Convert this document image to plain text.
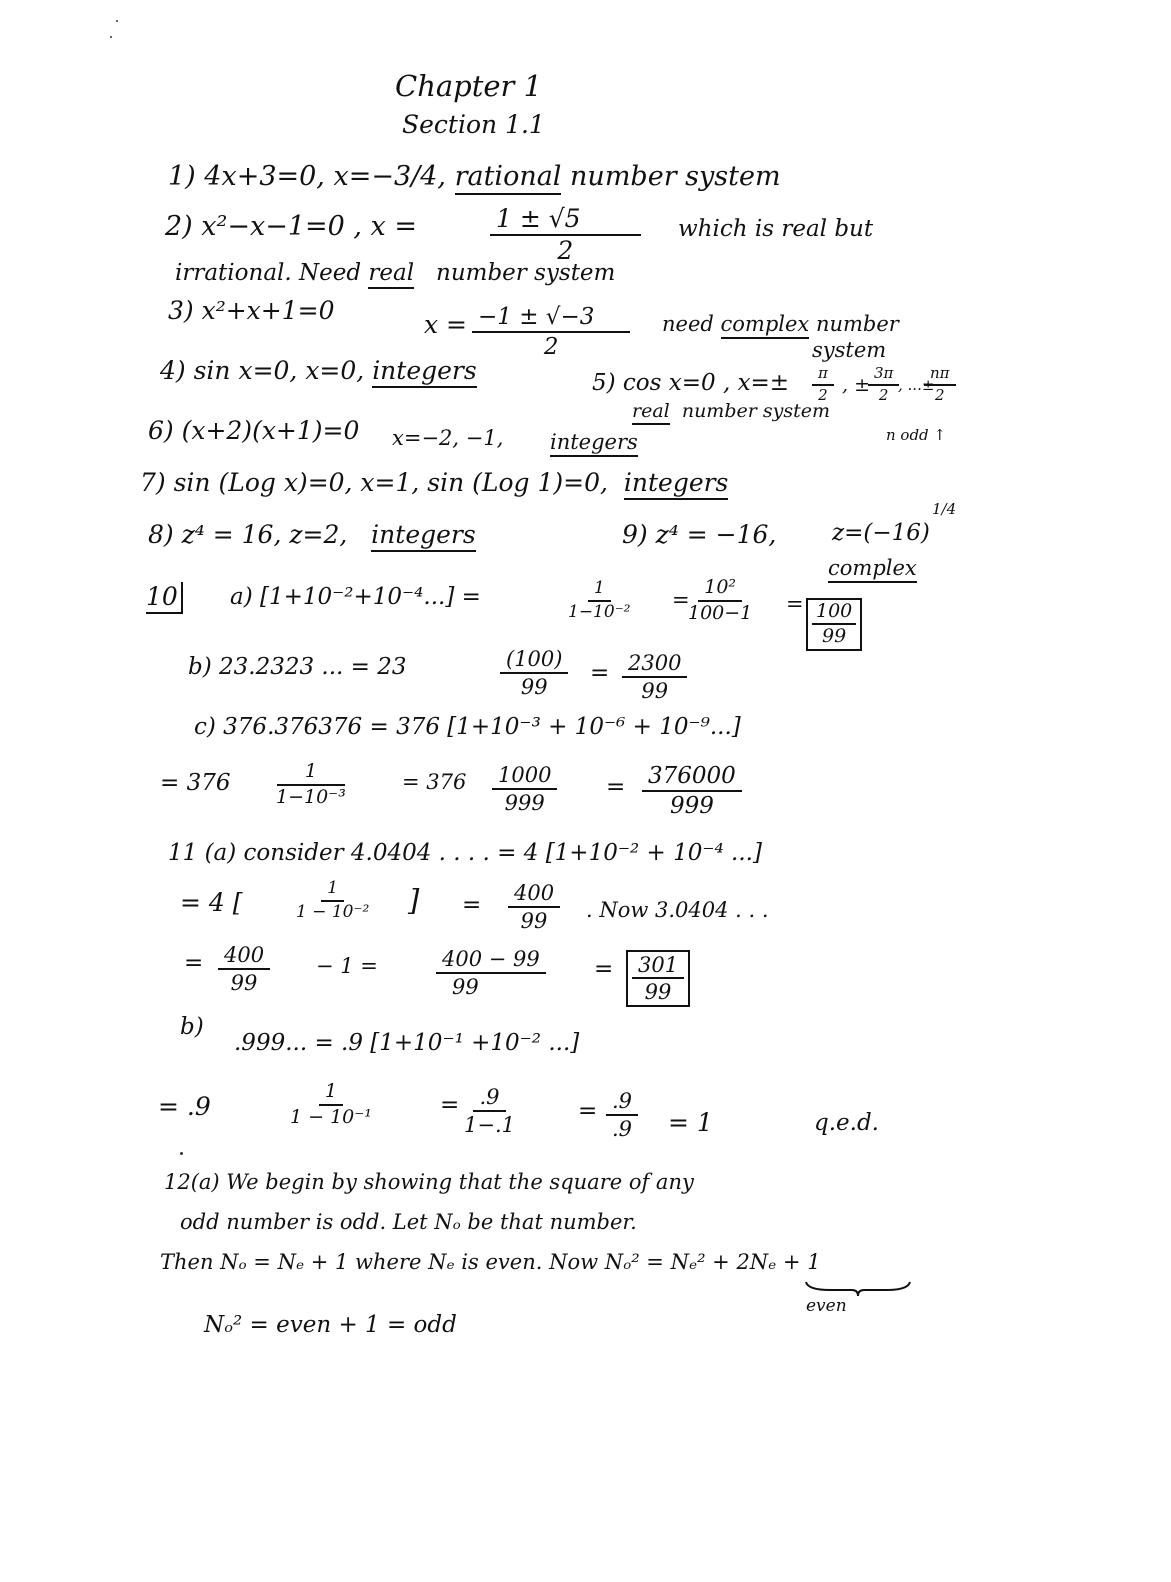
Chapter 1
Section 1.1
1) 4x+3=0, x=−3/4, rational number system
2) x²−x−1=0 , x =	$\frac{1 \pm √5}{2}$ which is real but
irrational. Need real number system
3) x²+x+1=0	$x = \frac{-1 \pm √-3}{2}$ need complex number
system
4) sin x=0, x=0, integers	5) cos x=0 , $x=\pm \frac{\pi}{2}$ , ±
$\frac{3\pi}{2}$
, ...±
$\frac{n\pi}{2}$
real number system
n odd ↑
6) (x+2)(x+1)=0 x=−2, −1, integers
7) sin (Log x)=0, x=1, sin (Log 1)=0, integers
8) z⁴ = 16, z=2, integers	9) z⁴ = −16, z=(−16)
1/4
complex
10 a) [1+10⁻²+10⁻⁴...] =	$\frac{1}{\text{1−10⁻²}}$ =
$\frac{\text{10²}}{100-1} = \frac{100}{99}$
b) 23.2323 ... = 23	$\frac{(100)}{99} = \frac{2300}{99}$
c) 376.376376 = 376 [1+10⁻³ + 10⁻⁶ + 10⁻⁹...]
= $376 \frac{1}{\text{1−10⁻³}}$	= $376 \frac{1000}{999} = \frac{376000}{999}$
11 (a) consider 4.0404 . . . . = 4 [1+10⁻² + 10⁻⁴ ...]
= 4 [	$\frac{1}{\text{1 − 10⁻²}}$ ] = $\frac{400}{99}$ . Now 3.0404 . . .
= $\frac{400}{99} - 1$ =	$\frac{400 - 99}{99} = \frac{301}{99}$
b)
.999... = .9 [1+10⁻¹ +10⁻² ...]
= .9	$\frac{1}{\text{1 − 10⁻¹}}$	= $\frac{.9}{1-.1}$	= $\frac{.9}{.9} = 1$	q.e.d.
12(a) We begin by showing that the square of any
odd number is odd. Let Nₒ be that number.
Then Nₒ = Nₑ + 1 where Nₑ is even. Now Nₒ² = Nₑ² + 2Nₑ + 1
even
Nₒ² = even + 1 = odd
